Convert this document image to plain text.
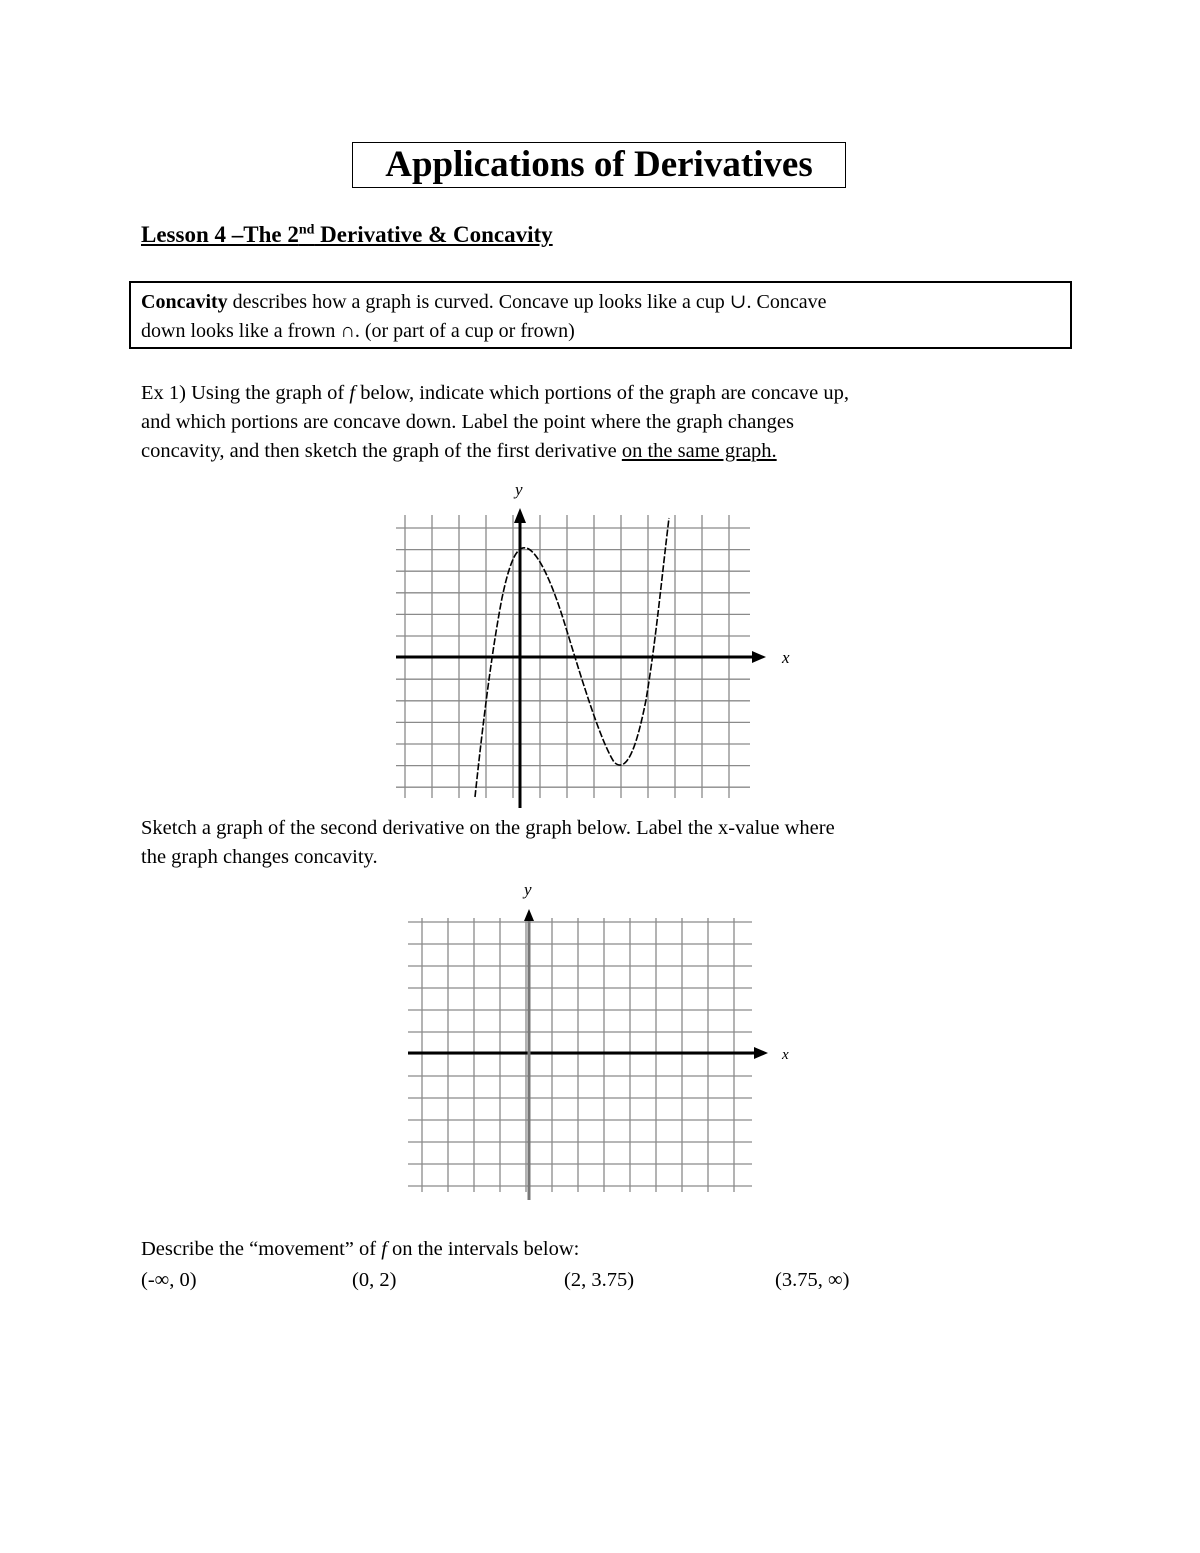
Applications of Derivatives
Lesson 4 –The 2nd Derivative & Concavity
Concavity describes how a graph is curved. Concave up looks like a cup ∪. Concave
down looks like a frown ∩. (or part of a cup or frown)
Ex 1) Using the graph of f below, indicate which portions of the graph are concave up,
and which portions are concave down. Label the point where the graph changes
concavity, and then sketch the graph of the first derivative on the same graph.
x
y
Sketch a graph of the second derivative on the graph below. Label the x-value where
the graph changes concavity.
x
y
Describe the “movement” of f on the intervals below:
(-∞, 0)	(0, 2)	(2, 3.75)	(3.75, ∞)
